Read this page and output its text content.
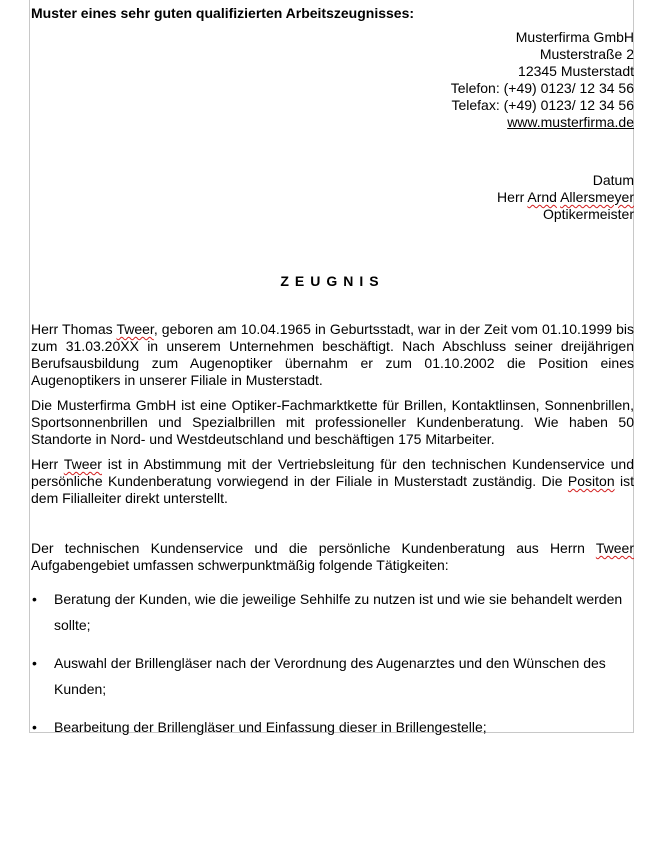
Muster eines sehr guten qualifizierten Arbeitszeugnisses:
Musterfirma GmbH
Musterstraße 2
12345 Musterstadt
Telefon: (+49) 0123/ 12 34 56
Telefax: (+49) 0123/ 12 34 56
www.musterfirma.de
Datum
Herr Arnd Allersmeyer
Optikermeister
ZEUGNIS

Herr Thomas Tweer, geboren am 10.04.1965 in Geburtsstadt, war in der Zeit vom 01.10.1999 bis zum 31.03.20XX in unserem Unternehmen beschäftigt. Nach Abschluss seiner dreijährigen Berufsausbildung zum Augenoptiker übernahm er zum 01.10.2002 die Position eines Augenoptikers in unserer Filiale in Musterstadt.

Die Musterfirma GmbH ist eine Optiker-Fachmarktkette für Brillen, Kontaktlinsen, Sonnenbrillen, Sportsonnenbrillen und Spezialbrillen mit professioneller Kundenberatung. Wie haben 50 Standorte in Nord- und Westdeutschland und beschäftigen 175 Mitarbeiter.

Herr Tweer ist in Abstimmung mit der Vertriebsleitung für den technischen Kundenservice und persönliche Kundenberatung vorwiegend in der Filiale in Musterstadt zuständig. Die Positon ist dem Filialleiter direkt unterstellt.

Der technischen Kundenservice und die persönliche Kundenberatung aus Herrn Tweer Aufgabengebiet umfassen schwerpunktmäßig folgende Tätigkeiten:

• Beratung der Kunden, wie die jeweilige Sehhilfe zu nutzen ist und wie sie behandelt werden sollte;
• Auswahl der Brillengläser nach der Verordnung des Augenarztes und den Wünschen des Kunden;
• Bearbeitung der Brillengläser und Einfassung dieser in Brillengestelle;
